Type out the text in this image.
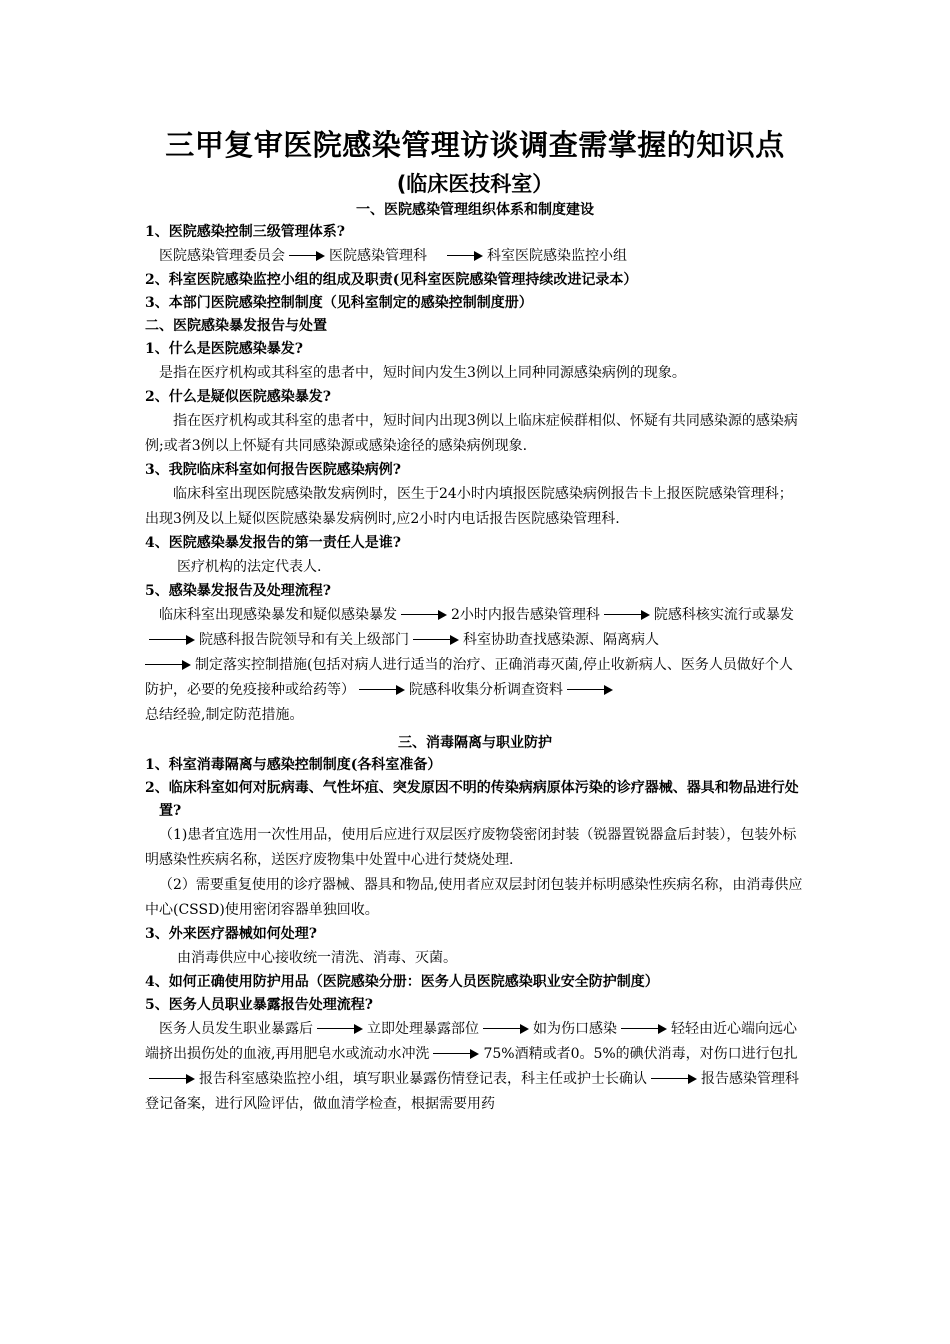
三甲复审医院感染管理访谈调查需掌握的知识点
(临床医技科室）
一、医院感染管理组织体系和制度建设
1、医院感染控制三级管理体系?
医院感染管理委员会	医院感染管理科	科室医院感染监控小组
2、科室医院感染监控小组的组成及职责(见科室医院感染管理持续改进记录本）
3、本部门医院感染控制制度（见科室制定的感染控制制度册）
二、医院感染暴发报告与处置
1、什么是医院感染暴发?
是指在医疗机构或其科室的患者中，短时间内发生3例以上同种同源感染病例的现象。
2、什么是疑似医院感染暴发?
指在医疗机构或其科室的患者中，短时间内出现3例以上临床症候群相似、怀疑有共同感染源的感染病例;或者3例以上怀疑有共同感染源或感染途径的感染病例现象.
3、我院临床科室如何报告医院感染病例?
临床科室出现医院感染散发病例时，医生于24小时内填报医院感染病例报告卡上报医院感染管理科；出现3例及以上疑似医院感染暴发病例时,应2小时内电话报告医院感染管理科.
4、医院感染暴发报告的第一责任人是谁?
医疗机构的法定代表人.
5、感染暴发报告及处理流程?
临床科室出现感染暴发和疑似感染暴发	2小时内报告感染管理科	院感科核实流行或暴发院感科报告院领导和有关上级部门	科室协助查找感染源、隔离病人
制定落实控制措施(包括对病人进行适当的治疗、正确消毒灭菌,停止收新病人、医务人员做好个人防护，必要的免疫接种或给药等）	院感科收集分析调查资料
总结经验,制定防范措施。
三、消毒隔离与职业防护
1、科室消毒隔离与感染控制制度(各科室准备）
2、临床科室如何对朊病毒、气性坏疽、突发原因不明的传染病病原体污染的诊疗器械、器具和物品进行处置?
（1)患者宜选用一次性用品，使用后应进行双层医疗废物袋密闭封装（锐器置锐器盒后封装），包装外标明感染性疾病名称，送医疗废物集中处置中心进行焚烧处理.
（2）需要重复使用的诊疗器械、器具和物品,使用者应双层封闭包装并标明感染性疾病名称，由消毒供应中心(CSSD)使用密闭容器单独回收。
3、外来医疗器械如何处理?
由消毒供应中心接收统一清洗、消毒、灭菌。
4、如何正确使用防护用品（医院感染分册：医务人员医院感染职业安全防护制度）
5、医务人员职业暴露报告处理流程?
医务人员发生职业暴露后	立即处理暴露部位	如为伤口感染	轻轻由近心端向远心端挤出损伤处的血液,再用肥皂水或流动水冲洗	75%酒精或者0。5%的碘伏消毒，对伤口进行包扎报告科室感染监控小组，填写职业暴露伤情登记表，科主任或护士长确认	报告感染管理科登记备案，进行风险评估，做血清学检查，根据需要用药
